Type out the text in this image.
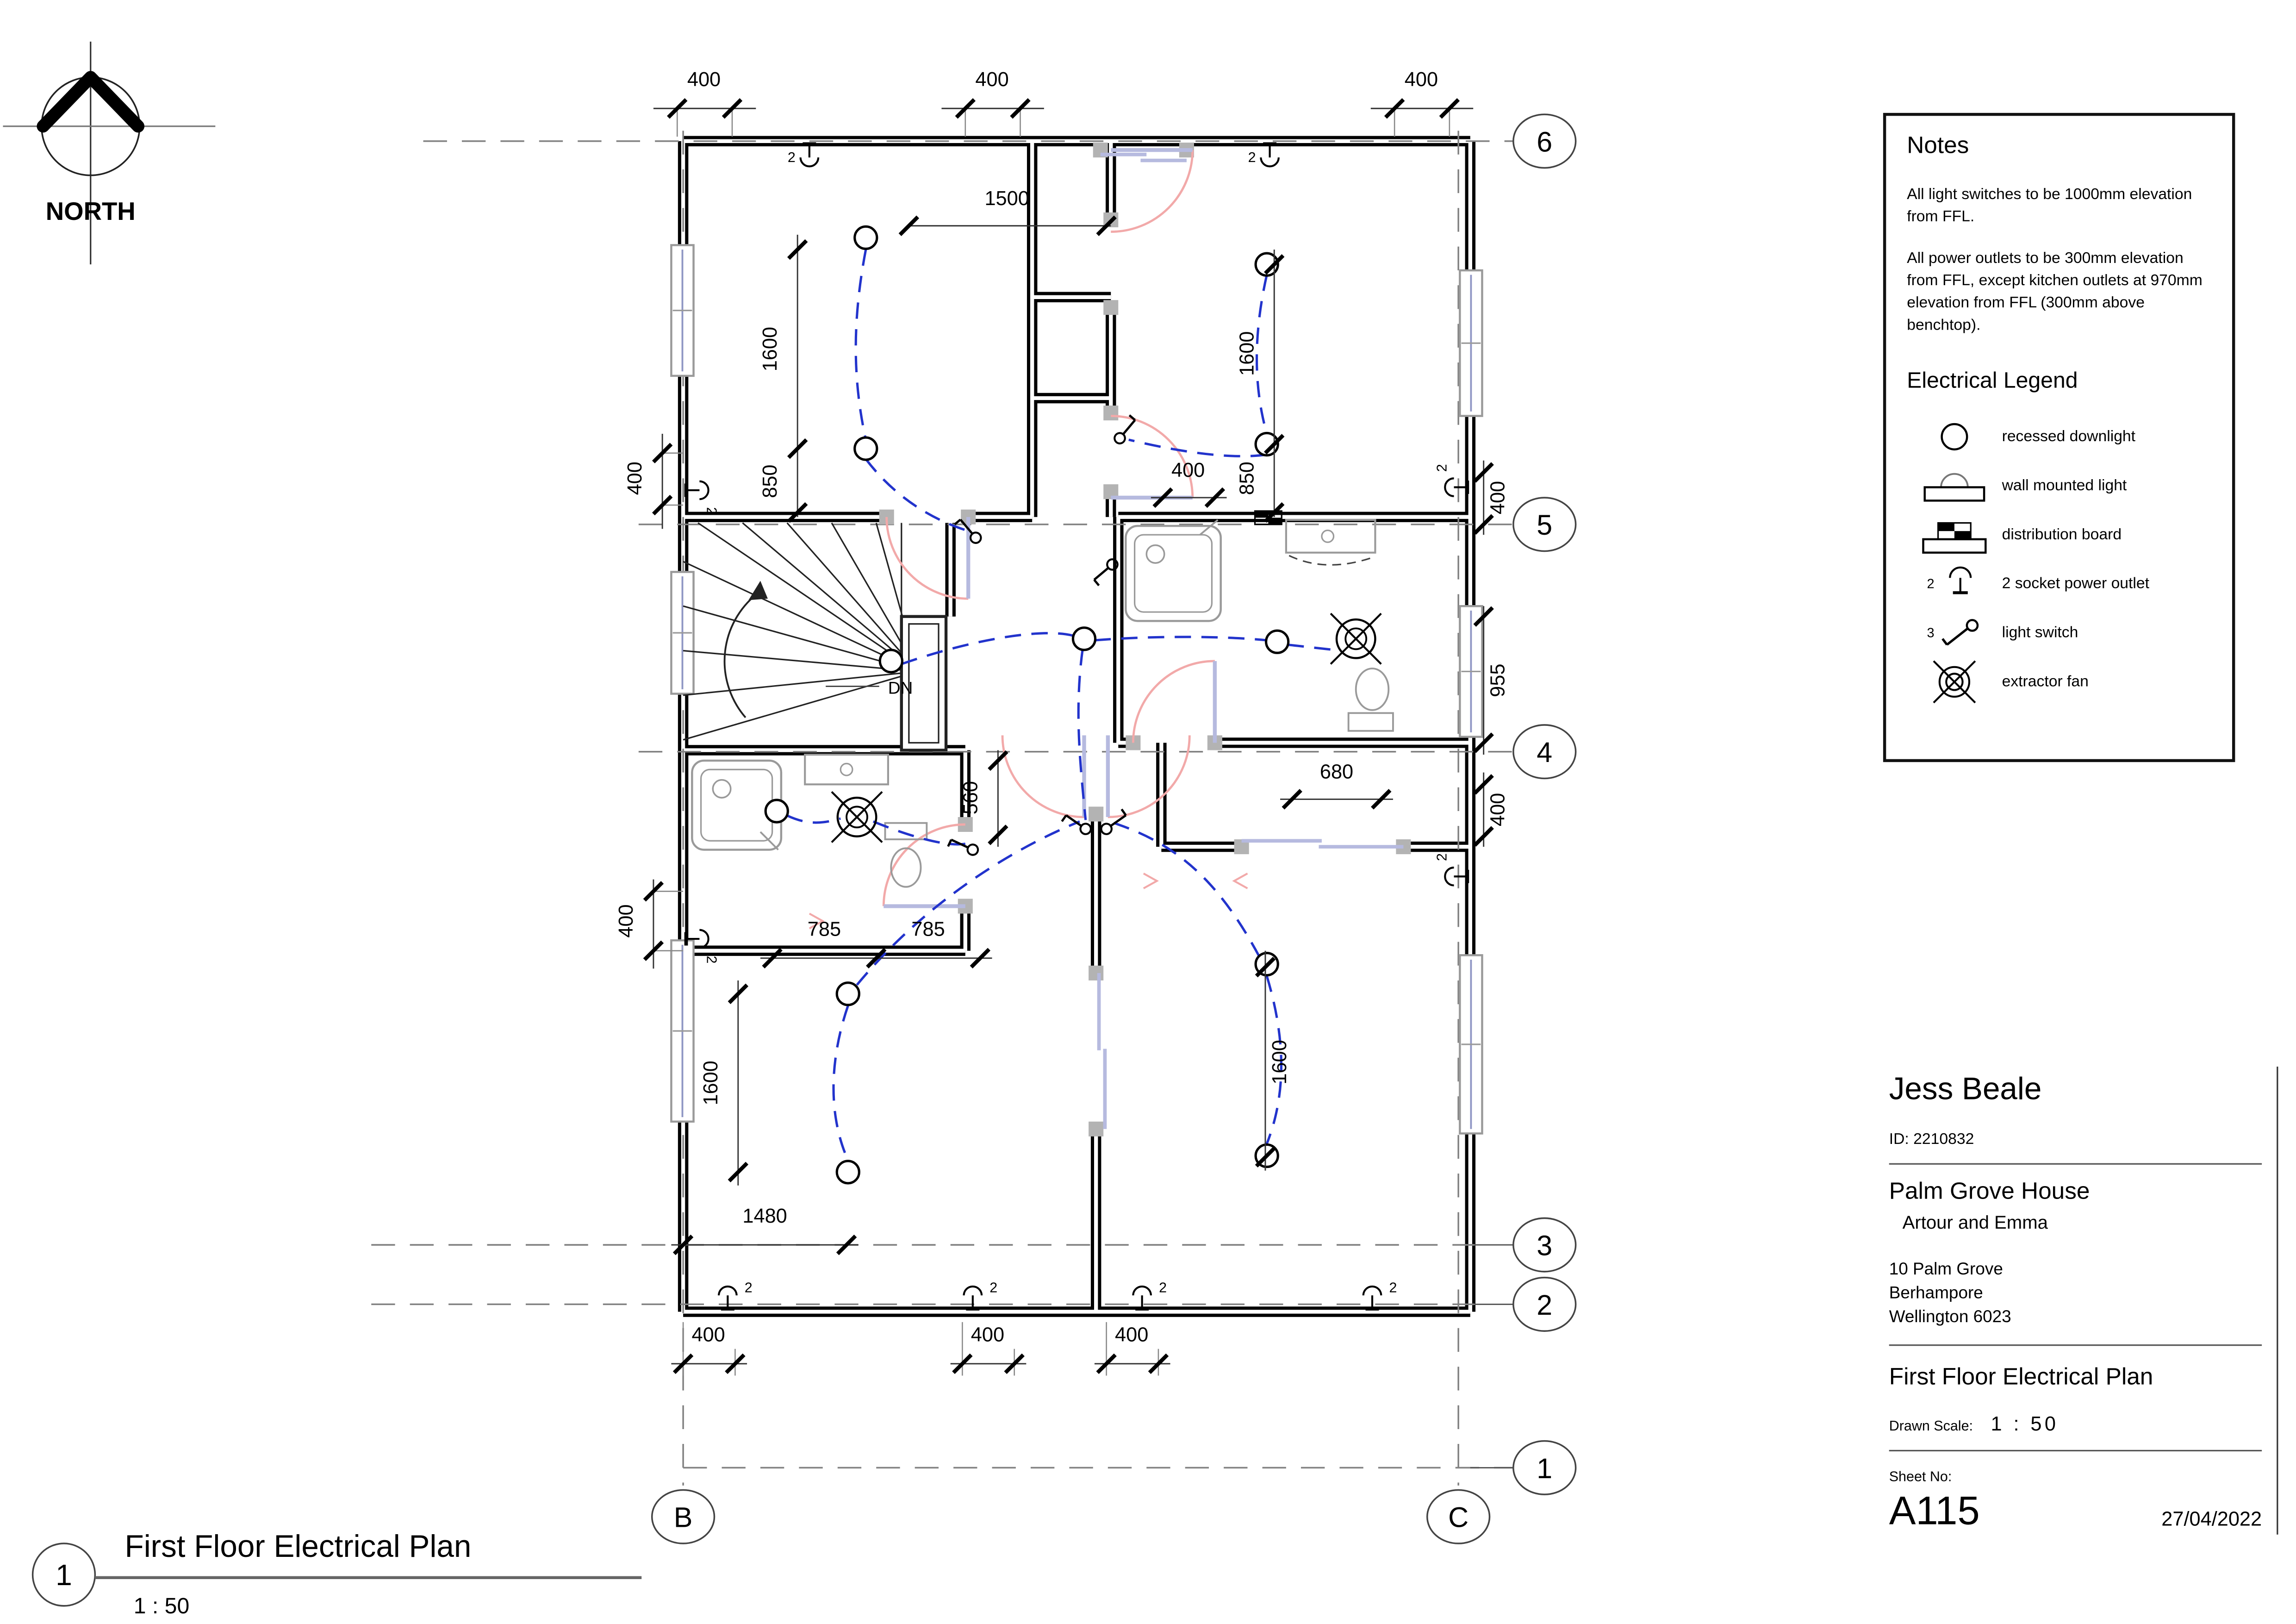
2	2
2
2
2
2
2	2	2	2
400	400	400
1500
1600
850
1600
850
400
400
400
400
955
400
560
680
785	785
1600
1480
1600
400	400	400
NORTH
1
First Floor Electrical Plan
1 : 50
6
5
4
3
2
1
B	C
DN
Notes

All light switches to be 1000mm elevation from FFL.

All power outlets to be 300mm elevation from FFL, except kitchen outlets at 970mm elevation from FFL (300mm above benchtop).

Electrical Legend
recessed downlight
wall mounted light
distribution board
2	2 socket power outlet
3	light switch
extractor fan
Jess Beale
ID: 2210832
Palm Grove House
Artour and Emma
10 Palm Grove
Berhampore
Wellington 6023
First Floor Electrical Plan
Drawn Scale:	1 : 50
Sheet No:
A115	27/04/2022
